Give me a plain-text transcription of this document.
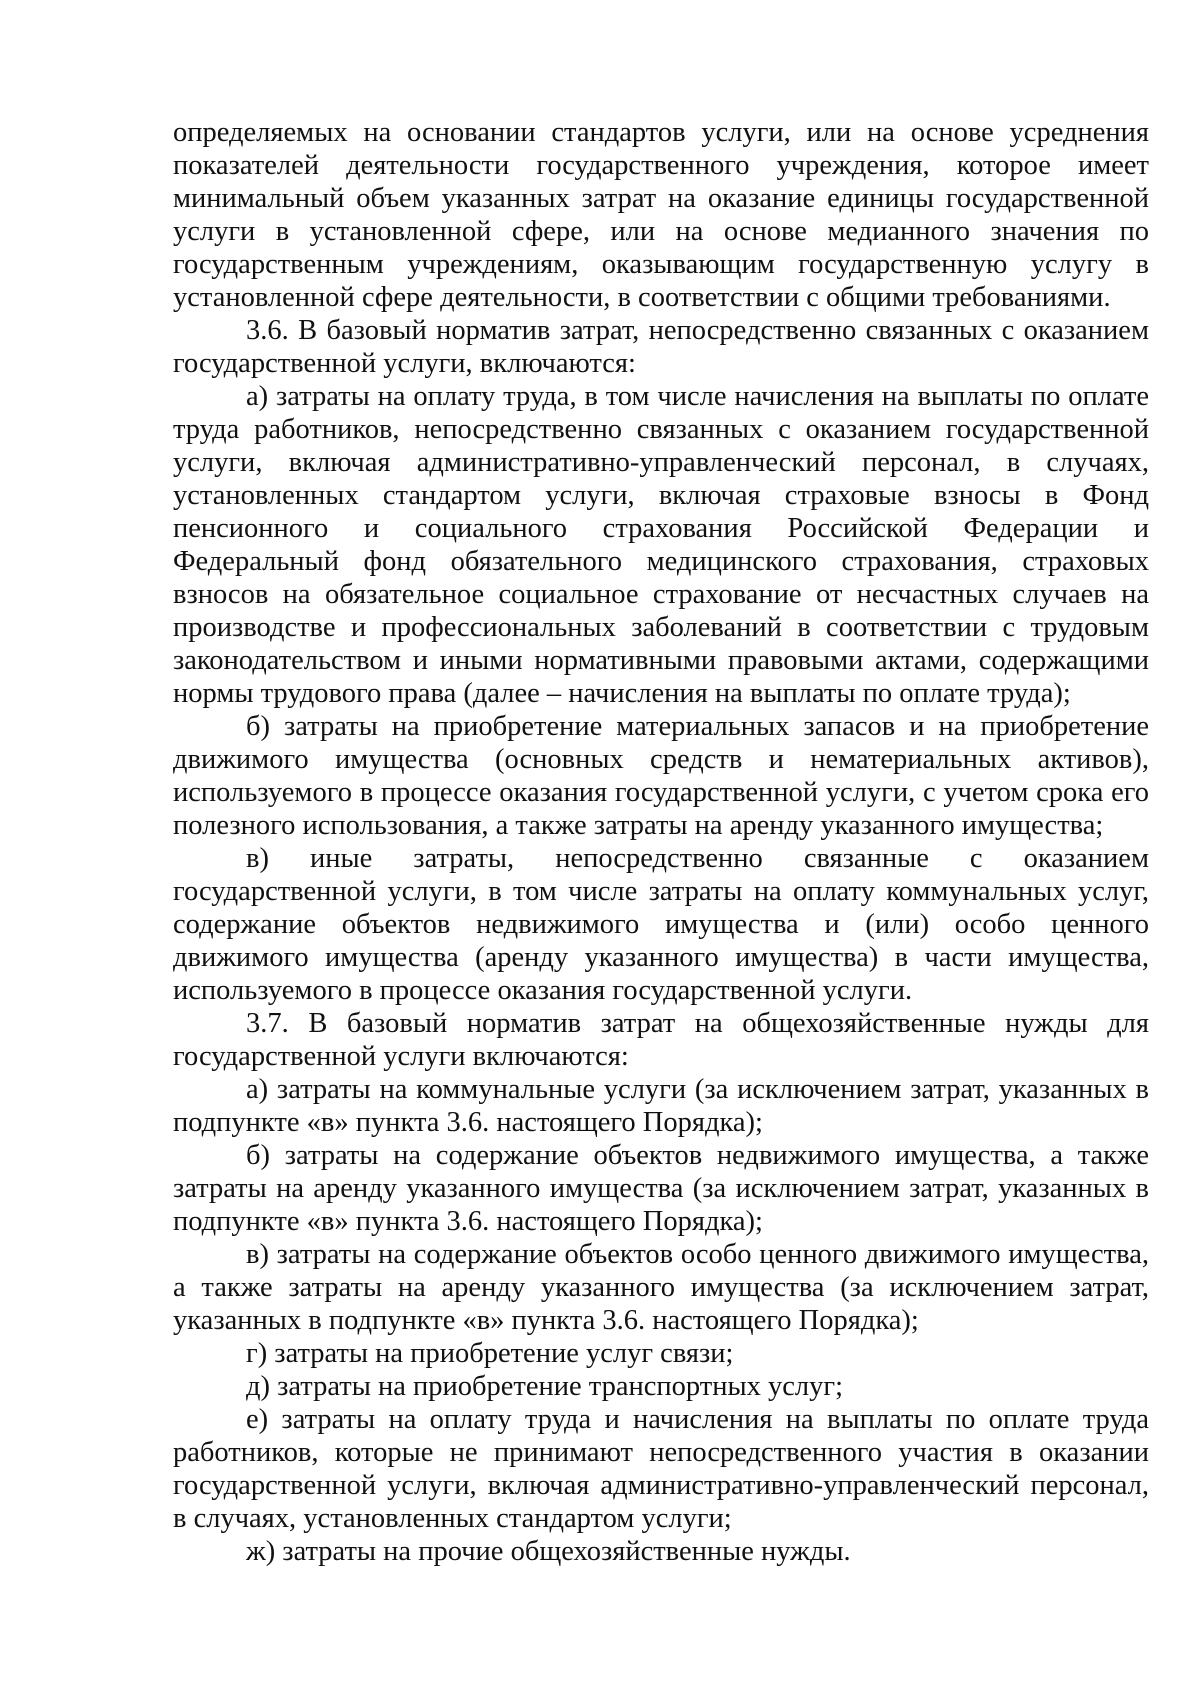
определяемых на основании стандартов услуги, или на основе усреднения показателей деятельности государственного учреждения, которое имеет минимальный объем указанных затрат на оказание единицы государственной услуги в установленной сфере, или на основе медианного значения по государственным учреждениям, оказывающим государственную услугу в установленной сфере деятельности, в соответствии с общими требованиями.

3.6. В базовый норматив затрат, непосредственно связанных с оказанием государственной услуги, включаются:

а) затраты на оплату труда, в том числе начисления на выплаты по оплате труда работников, непосредственно связанных с оказанием государственной услуги, включая административно-управленческий персонал, в случаях, установленных стандартом услуги, включая страховые взносы в Фонд пенсионного и социального страхования Российской Федерации и Федеральный фонд обязательного медицинского страхования, страховых взносов на обязательное социальное страхование от несчастных случаев на производстве и профессиональных заболеваний в соответствии с трудовым законодательством и иными нормативными правовыми актами, содержащими нормы трудового права (далее – начисления на выплаты по оплате труда);

б) затраты на приобретение материальных запасов и на приобретение движимого имущества (основных средств и нематериальных активов), используемого в процессе оказания государственной услуги, с учетом срока его полезного использования, а также затраты на аренду указанного имущества;

в) иные затраты, непосредственно связанные с оказанием государственной услуги, в том числе затраты на оплату коммунальных услуг, содержание объектов недвижимого имущества и (или) особо ценного движимого имущества (аренду указанного имущества) в части имущества, используемого в процессе оказания государственной услуги.

3.7. В базовый норматив затрат на общехозяйственные нужды для государственной услуги включаются:

а) затраты на коммунальные услуги (за исключением затрат, указанных в подпункте «в» пункта 3.6. настоящего Порядка);

б) затраты на содержание объектов недвижимого имущества, а также затраты на аренду указанного имущества (за исключением затрат, указанных в подпункте «в» пункта 3.6. настоящего Порядка);

в) затраты на содержание объектов особо ценного движимого имущества, а также затраты на аренду указанного имущества (за исключением затрат, указанных в подпункте «в» пункта 3.6. настоящего Порядка);

г) затраты на приобретение услуг связи;

д) затраты на приобретение транспортных услуг;

е) затраты на оплату труда и начисления на выплаты по оплате труда работников, которые не принимают непосредственного участия в оказании государственной услуги, включая административно-управленческий персонал, в случаях, установленных стандартом услуги;

ж) затраты на прочие общехозяйственные нужды.
